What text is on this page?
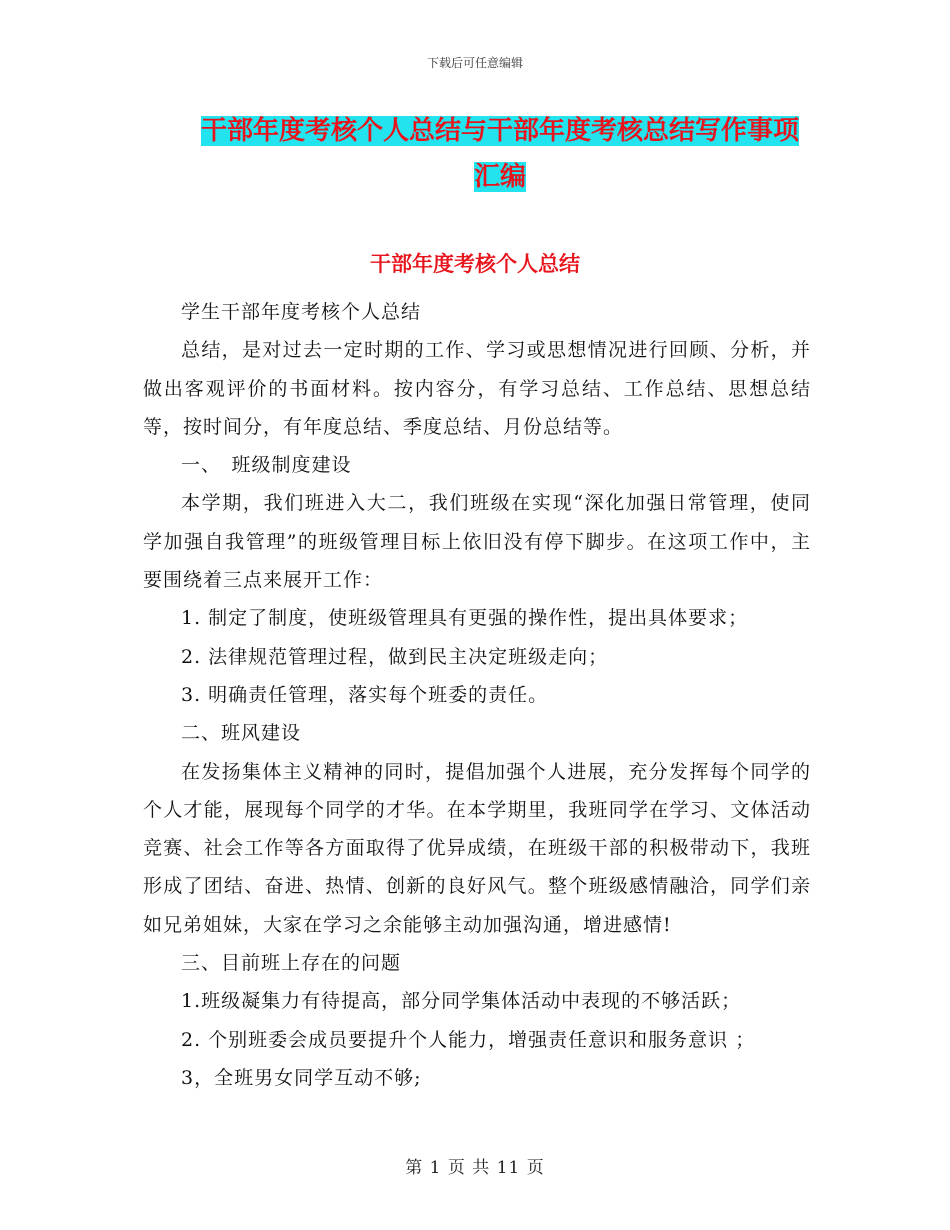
下载后可任意编辑
干部年度考核个人总结与干部年度考核总结写作事项
汇编
干部年度考核个人总结

学生干部年度考核个人总结

总结，是对过去一定时期的工作、学习或思想情况进行回顾、分析，并做出客观评价的书面材料。按内容分，有学习总结、工作总结、思想总结等，按时间分，有年度总结、季度总结、月份总结等。

一、　班级制度建设

本学期，我们班进入大二，我们班级在实现“深化加强日常管理，使同学加强自我管理”的班级管理目标上依旧没有停下脚步。在这项工作中，主要围绕着三点来展开工作：

1. 制定了制度，使班级管理具有更强的操作性，提出具体要求；

2. 法律规范管理过程，做到民主决定班级走向；

3. 明确责任管理，落实每个班委的责任。

二、班风建设

在发扬集体主义精神的同时，提倡加强个人进展，充分发挥每个同学的个人才能，展现每个同学的才华。在本学期里，我班同学在学习、文体活动竞赛、社会工作等各方面取得了优异成绩，在班级干部的积极带动下，我班形成了团结、奋进、热情、创新的良好风气。整个班级感情融洽，同学们亲如兄弟姐妹，大家在学习之余能够主动加强沟通，增进感情!

三、目前班上存在的问题

1.班级凝集力有待提高，部分同学集体活动中表现的不够活跃；

2. 个别班委会成员要提升个人能力，增强责任意识和服务意识 ；

3，全班男女同学互动不够;

第 1 页 共 11 页
